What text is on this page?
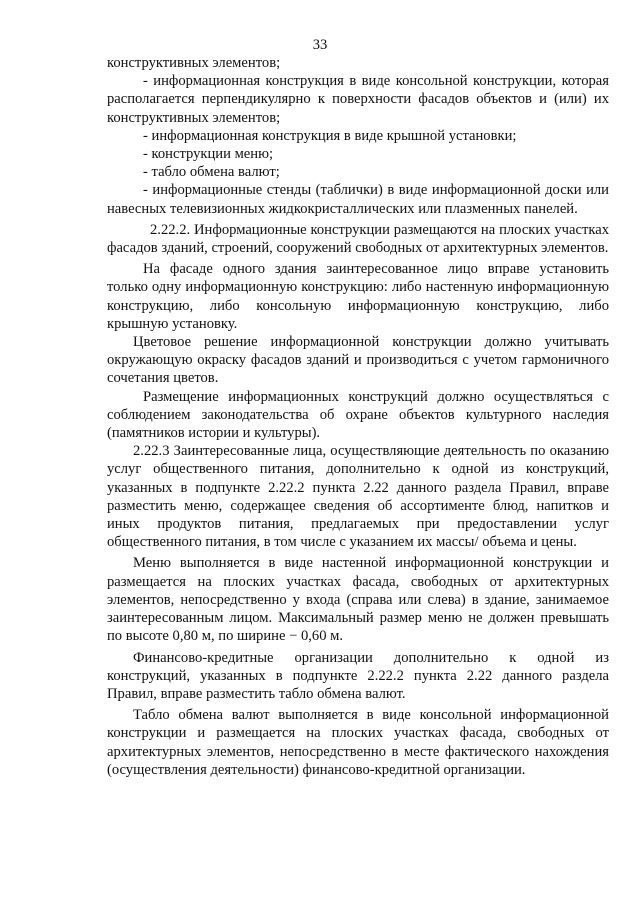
33

конструктивных элементов;

- информационная конструкция в виде консольной конструкции, которая располагается перпендикулярно к поверхности фасадов объектов и (или) их конструктивных элементов;

- информационная конструкция в виде крышной установки;

- конструкции меню;

- табло обмена валют;

- информационные стенды (таблички) в виде информационной доски или навесных телевизионных жидкокристаллических или плазменных панелей.

2.22.2. Информационные конструкции размещаются на плоских участках фасадов зданий, строений, сооружений свободных от архитектурных элементов.

На фасаде одного здания заинтересованное лицо вправе установить только одну информационную конструкцию: либо настенную информационную конструкцию, либо консольную информационную конструкцию, либо крышную установку.

Цветовое решение информационной конструкции должно учитывать окружающую окраску фасадов зданий и производиться с учетом гармоничного сочетания цветов.

Размещение информационных конструкций должно осуществляться с соблюдением законодательства об охране объектов культурного наследия (памятников истории и культуры).

2.22.3 Заинтересованные лица, осуществляющие деятельность по оказанию услуг общественного питания, дополнительно к одной из конструкций, указанных в подпункте 2.22.2 пункта 2.22 данного раздела Правил, вправе разместить меню, содержащее сведения об ассортименте блюд, напитков и иных продуктов питания, предлагаемых при предоставлении услуг общественного питания, в том числе с указанием их массы/ объема и цены.

Меню выполняется в виде настенной информационной конструкции и размещается на плоских участках фасада, свободных от архитектурных элементов, непосредственно у входа (справа или слева) в здание, занимаемое заинтересованным лицом. Максимальный размер меню не должен превышать по высоте 0,80 м, по ширине − 0,60 м.

Финансово-кредитные организации дополнительно к одной из конструкций, указанных в подпункте 2.22.2 пункта 2.22 данного раздела Правил, вправе разместить табло обмена валют.

Табло обмена валют выполняется в виде консольной информационной конструкции и размещается на плоских участках фасада, свободных от архитектурных элементов, непосредственно в месте фактического нахождения (осуществления деятельности) финансово-кредитной организации.
